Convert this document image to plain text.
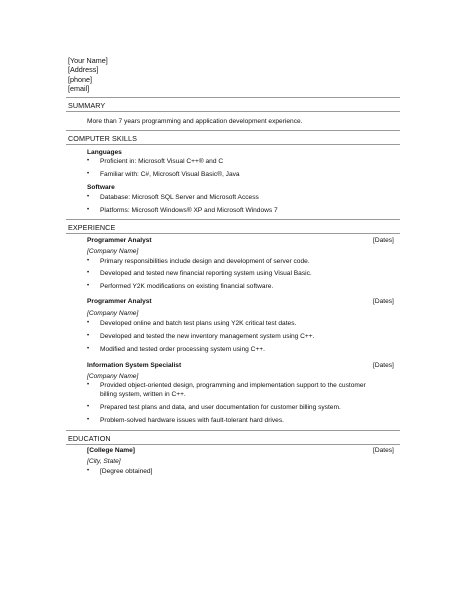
[Your Name]
[Address]
[phone]
[email]
SUMMARY
More than 7 years programming and application development experience.
COMPUTER SKILLS
Languages
• Proficient in: Microsoft Visual C++® and C
• Familiar with: C#, Microsoft Visual Basic®, Java
Software
• Database: Microsoft SQL Server and Microsoft Access
• Platforms: Microsoft Windows® XP and Microsoft Windows 7
EXPERIENCE
Programmer Analyst	[Dates]
[Company Name]
• Primary responsibilities include design and development of server code.
• Developed and tested new financial reporting system using Visual Basic.
• Performed Y2K modifications on existing financial software.
Programmer Analyst	[Dates]
[Company Name]
• Developed online and batch test plans using Y2K critical test dates.
• Developed and tested the new inventory management system using C++.
• Modified and tested order processing system using C++.
Information System Specialist	[Dates]
[Company Name]
• Provided object-oriented design, programming and implementation support to the customer
billing system, written in C++.
• Prepared test plans and data, and user documentation for customer billing system.
• Problem-solved hardware issues with fault-tolerant hard drives.
EDUCATION
[College Name]	[Dates]
[City, State]
• [Degree obtained]
